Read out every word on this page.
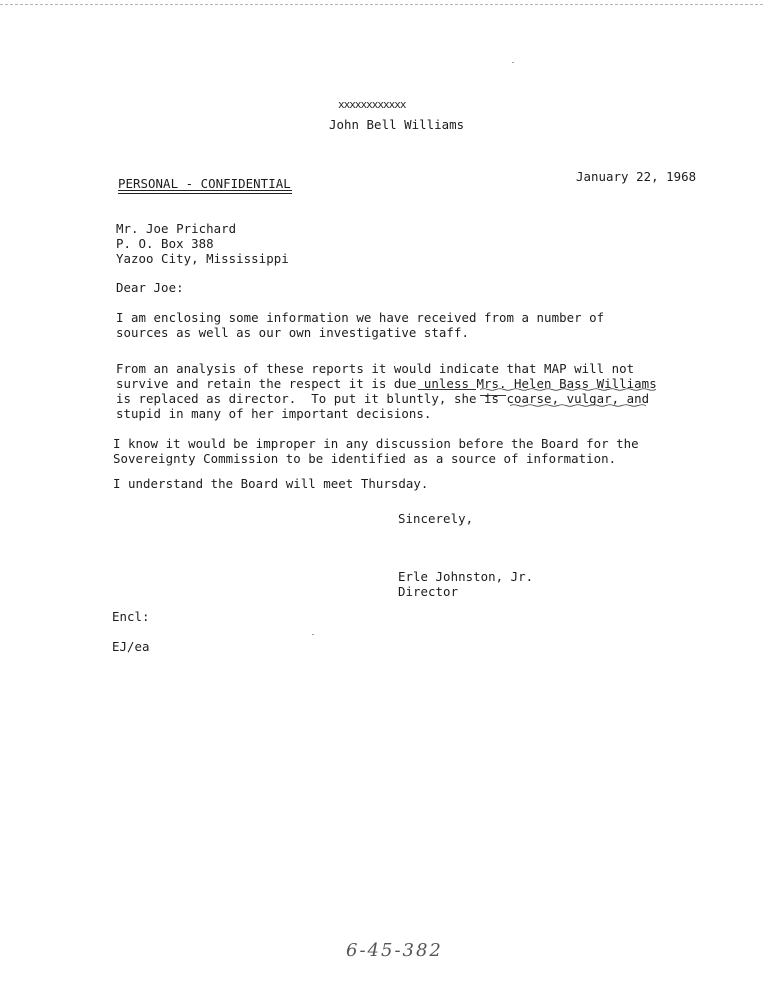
xxxxxxxxxxxx
John Bell Williams
January 22, 1968
PERSONAL - CONFIDENTIAL
Mr. Joe Prichard
P. O. Box 388
Yazoo City, Mississippi
Dear Joe:
I am enclosing some information we have received from a number of
sources as well as our own investigative staff.
From an analysis of these reports it would indicate that MAP will not
survive and retain the respect it is due unless Mrs. Helen Bass Williams
is replaced as director.  To put it bluntly, she is coarse, vulgar, and
stupid in many of her important decisions.
I know it would be improper in any discussion before the Board for the
Sovereignty Commission to be identified as a source of information.
I understand the Board will meet Thursday.
Sincerely,
Erle Johnston, Jr.
Director
Encl:
EJ/ea
6-45-382
